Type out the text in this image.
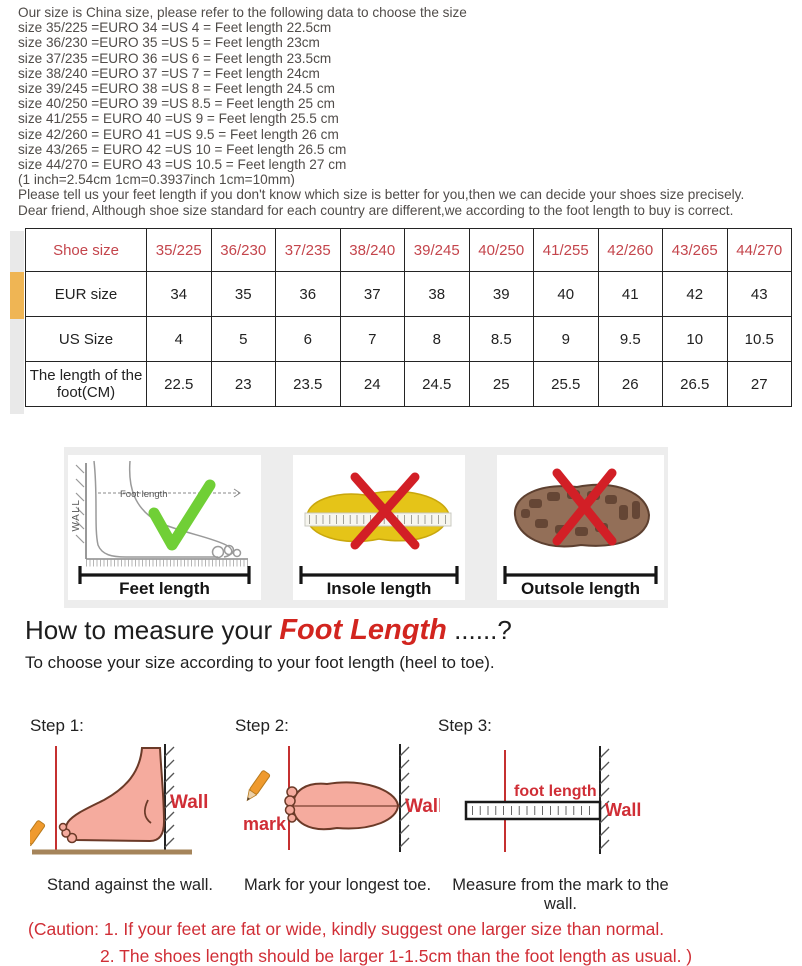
Our size is China size, please refer to the following data to choose the size
size 35/225 =EURO 34 =US 4 = Feet length 22.5cm
size 36/230 =EURO 35 =US 5 = Feet length 23cm
size 37/235 =EURO 36 =US 6 = Feet length 23.5cm
size 38/240 =EURO 37 =US 7 = Feet length 24cm
size 39/245 =EURO 38 =US 8 = Feet length 24.5 cm
size 40/250 =EURO 39 =US 8.5 = Feet length 25 cm
size 41/255 = EURO 40 =US 9 = Feet length 25.5 cm
size 42/260 = EURO 41 =US 9.5 = Feet length 26 cm
size 43/265 = EURO 42 =US 10 = Feet length 26.5 cm
size 44/270 = EURO 43 =US 10.5 = Feet length 27 cm
(1 inch=2.54cm 1cm=0.3937inch 1cm=10mm)
Please tell us your feet length if you don't know which size is better for you,then we can decide your shoes size precisely.
Dear friend, Although shoe size standard for each country are different,we according to the foot length to buy is correct.
Shoe size	35/225	36/230	37/235	38/240	39/245	40/250	41/255	42/260	43/265	44/270
EUR size	34	35	36	37	38	39	40	41	42	43
US Size	4	5	6	7	8	8.5	9	9.5	10	10.5
The length of the foot(CM)	22.5	23	23.5	24	24.5	25	25.5	26	26.5	27
WALL
Foot length
Feet length	Insole length	Outsole length
How to measure your Foot Length ......?

To choose your size according to your foot length (heel to toe).

Step 1:
Wall
Stand against the wall.
Step 2:
mark
Wall
Mark for your longest toe.
Step 3:
foot length
Wall
Measure from the mark to the wall.
(Caution: 1. If your feet are fat or wide, kindly suggest one larger size than normal.
2. The shoes length should be larger 1-1.5cm than the foot length as usual. )
